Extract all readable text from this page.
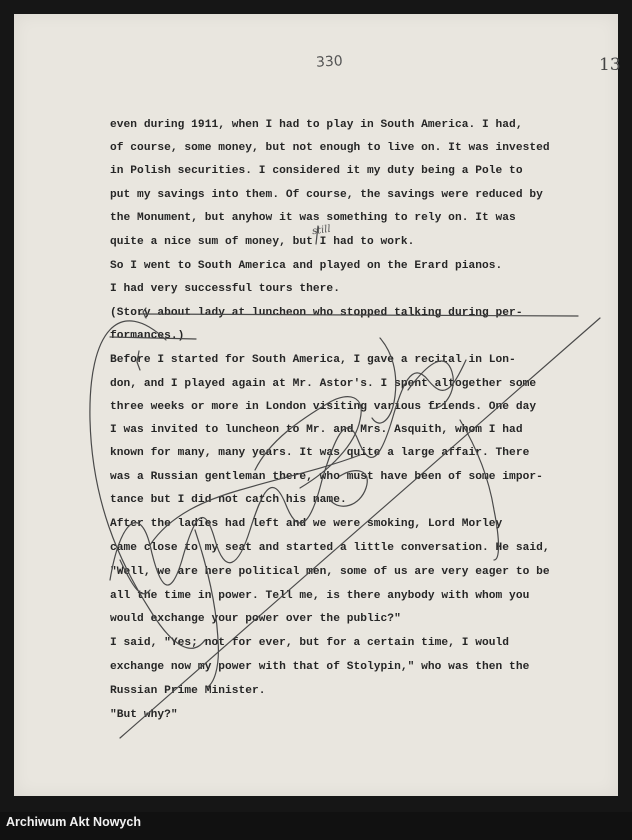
330	13
even during 1911, when I had to play in South America. I had,
of course, some money, but not enough to live on. It was invested
in Polish securities. I considered it my duty being a Pole to
put my savings into them. Of course, the savings were reduced by
the Monument, but anyhow it was something to rely on. It was
quite a nice sum of money, but I had to work.
So I went to South America and played on the Erard pianos.
I had very successful tours there.
(Story about lady at luncheon who stopped talking during per-
formances.)
Before I started for South America, I gave a recital in Lon-
don, and I played again at Mr. Astor's. I spent altogether some
three weeks or more in London visiting various friends. One day
I was invited to luncheon to Mr. and Mrs. Asquith, whom I had
known for many, many years. It was quite a large affair. There
was a Russian gentleman there, who must have been of some impor-
tance but I did not catch his name.
After the ladies had left and we were smoking, Lord Morley
came close to my seat and started a little conversation. He said,
"Well, we are here political men, some of us are very eager to be
all the time in power. Tell me, is there anybody with whom you
would exchange your power over the public?"
I said, "Yes; not for ever, but for a certain time, I would
exchange now my power with that of Stolypin," who was then the
Russian Prime Minister.
"But why?"
still
Archiwum Akt Nowych
